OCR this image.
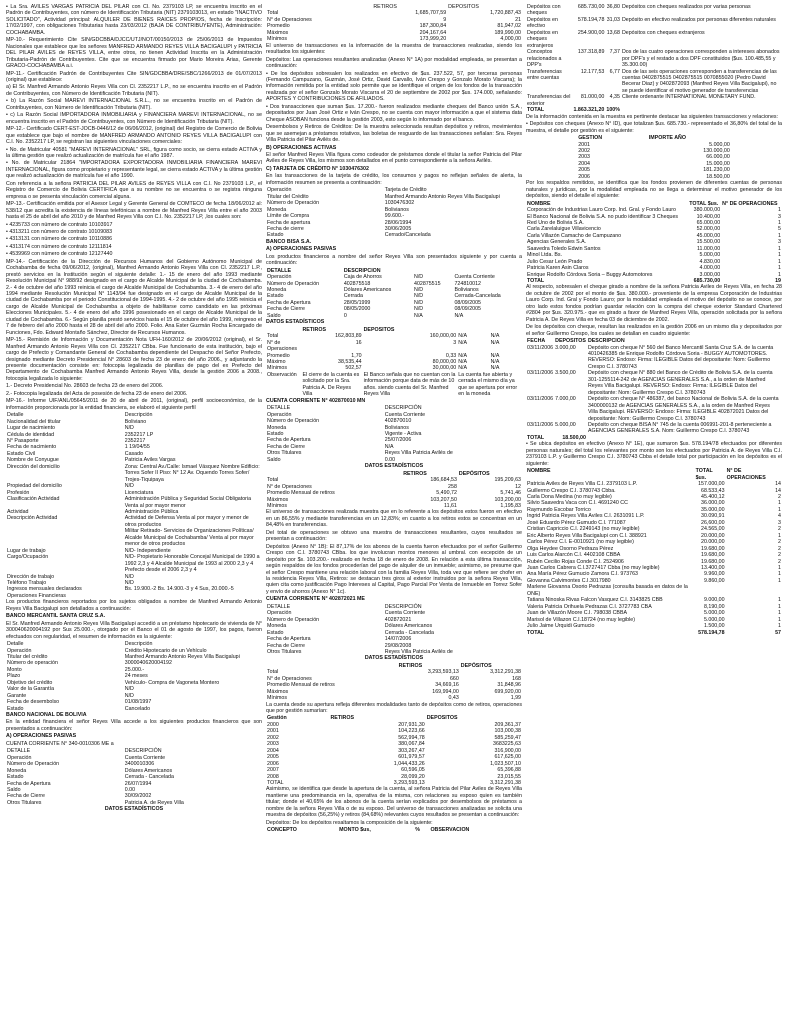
• La Sra. AVILES VARGAS PATRICIA DEL PILAR con CI. No. 2379103 LP, se encuentra inscrito en el Padrón de Contribuyentes, con número de Identificación Tributaria (NIT) 2379103013, en estado "INACTIVO SOLICITADO", Actividad principal: ALQUILER DE BIENES RAICES PROPIOS, fecha de Inscripción: 17/02/1997, con obligaciones Tributarias hasta 23/03/2012 (BAJA DE CONTRIBUYENTE), Administración: COCHABAMBA.

MP-10.- Requerimiento Cite SIN/GDCBBA/DJCC/UTJ/NOT/00150/2013 de 25/06/2013 de Impuestos Nacionales que establece que los señores MANFRED ARMANDO REYES VILLA BACIGALUPI y PATRICIA DEL PILAR AVILES de REYES VILLA, entre otros, no tienen Actividad Inscrita en la Administración Tributaria-Padrón de Contribuyentes. Cite que se encuentra firmado por Mario Moreira Arias, Gerente GRACO-COCHABAMBA a.i.

MP-11.- Certificación Padrón de Contribuyentes Cite SIN/GDCBBA/DRE/SBC/1266/2013 de 01/07/2013 (original) que establece:

a) El Sr. Manfred Armando Antonio Reyes Villa con CI. 2352217 L.P., no se encuentra inscrito en el Padrón de Contribuyentes, con Número de Identificación Tributaria (NIT).

• b) La Razón Social MAREVI INTERNACIONAL S.R.L., no se encuentra inscrito en el Padrón de Contribuyentes, con Número de Identificación Tributaria (NIT).

• c) La Razón Social IMPORTADORA INMOBILIARIA y FINANCIERA MAREVI INTERNACIONAL, no se encuentra inscrito en el Padrón de Contribuyentes, con Número de Identificación Tributaria (NIT).

MP-12.- Certificado CERT-EST-JOCB-0446/12 de 06/06/2012, (original) del Registro de Comercio de Bolivia que establece que bajo el nombre de MANFRED ARMANDO ANTONIO REYES VILLA BACIGALUPI con C.I. No. 2352217 LP, se registran las siguientes vinculaciones comerciales:

• No. de Matricular 40581 "MAREVI INTERNACIONAL" SRL, figura como socio, se cierra estado ACTIVA y la última gestión que realizó actualización de matrícula fue el año 1987.

• No. de Matricular 21864 "IMPORTADORA EXPORTADORA INMOBILIARIA FINANCIERA MAREVI INTERNACIONAL, figura como propietario y representante legal, se cierra estado ACTIVA y la última gestión que realizó actualización de matrícula fue el año 1990.

Con referencia a la señora PATRICIA DEL PILAR AVILES de REYES VILLA con C.I. No 2379103 L.P., el Registro de Comercio de Bolivia CERTIFICA que a su nombre no se encuentra o se registra ninguna empresa o se presenta vinculación comercial alguna.

MP-13.- Certificación emitida por el Asesor Legal y Gerente General de COMTECO de fecha 18/06/2012 al: 538/12 que acredita la existencia de líneas telefónicas a nombre de Manfred Reyes Villa entre el año 2003 hasta el 25 de abril del año 2010 y de Manfred Reyes Villa con C.I. No. 2352217 LP, ,los cuales son:

• 4235733 con número de contrato 10103917

• 4313211 con número de contrato 10109083

• 4313131 con número de contrato 10110886

• 4313174 con número de contrato 12111814

• 4539969 con número de contrato 12127440

MP-14.- Certificación de la Dirección de Recursos Humanos del Gobierno Autónomo Municipal de Cochabamba de fecha 09/06/2012, (original), Manfred Armando Antonio Reyes Villa con Cl. 2352217 L.P., prestó servicios en la Institución según el siguiente detalle: 1.- 15 de enero del año 1993 mediante Resolución Municipal N° 988/92 designado en el cargo de Alcalde Municipal de la ciudad de Cochabamba. 2.- 4 de octubre del año 1993 reinicia el cargo de Alcalde Municipal de Cochabamba. 3.- 4 de enero del año 1994 mediante Resolución Municipal N° 1143/94 fue designado en el cargo de Alcalde Municipal de la ciudad de Cochabamba por el periodo Constitucional de 1994-1995. 4.- 2 de octubre del año 1995 reinicia el cargo de Alcalde Municipal de Cochabamba a objeto de habilitarse como candidato en las próximas Elecciones Municipales. 5.- 4 de enero del año 1996 posesionado en el cargo de Alcalde Municipal de la ciudad de Cochabamba. 6.- Según planilla prestó servicios hasta el 15 de octubre del año 1999, reingreso el 7 de febrero del año 2000 hasta el 28 de abril del año 2000. Folio. Ana Ester Guzmán Rocha Encargado de Funciones, Fdo. Edward Montaño Sánchez, Director de Recursos Humanos.

MP-15.- Remisión de Información y Documentación Nota UFH-160/2012 de 20/06/2012 (original), el Sr. Manfred Armando Antonio Reyes Villa con CI. 2352217 CBba. Fue funcionario de esta institución, bajo el cargo de Prefecto y Comandante General de Cochabamba dependiente del Despacho del Señor Prefecto, designado mediante Decreto Presidencial N° 28603 de fecha 23 de enero del año 2006., y adjuntando la presente documentación consiste en: fotocopia legalizada de planillas de pago del ex Prefecto del Departamento de Cochabamba Manfred Armando Antonio Reyes Villa, desde la gestión 2006 a 2008., fotocopia legalizada lo siguiente:

1.- Decreto Presidencial No. 28603 de fecha 23 de enero del 2006.

2.- Fotocopia legalizada del Acta de posesión de fecha 23 de enero del 2006.

MP-16.- Informe UIF/ANL/05645/2011 de 20 de abril de 2011, (original), perfil socioeconómico, de la información proporcionada por la entidad financiera, se elaboró el siguiente perfil

Detalle	Descripción
Nacionalidad del titular	Boliviano
Lugar de nacimiento	N/D
Cédula de identidad	2352217 LP
N° Pasaporte	2352217
Fecha de nacimiento	1 19/04/55
Estado Civil	Casado
Nombre de Conyugue	Patricia Aviles Vargas
Dirección del domicilio	Zona: Central Av./Calle: Ismael Vásquez Nombre Edificio: Torres Sofer II Piso: N° 12 Av. Oquendo Torres Sofer/ Trojes-Tiquipaya
Propiedad del domicilio	N/D
Profesión	Licenciatura
Clasificación Actividad	Administración Pública y Seguridad Social Obligatoria Venta al por mayor menor
Actividad	Administración Pública
Descripción Actividad	Actividad de Defensa Venta al por mayor y menor de otros productos
	Militar Retirado- Servicios de Organizaciones Políticas/ Alcalde Municipal de Cochabamba/ Venta al por mayor menor de otros productos
Lugar de trabajo	N/D- Independiente
Cargo/Ocupación	N/D- Propietario Honorable Concejal Municipal de 1990 a 1992 2,3 y 4 Alcalde Municipal de 1993 al 2000 2,3 y 4 Prefecto desde el 2006 2,3 y 4
Dirección de trabajo	N/D
Teléfono Trabajo	N/D
Ingresos mensuales declarados	Bs. 19.900.-2 Bs. 14.900.-3 y 4 Sus, 20.000.-5
Operaciones Financieras	

Los productos financieros reportados por los sujetos obligados a nombre de Manfred Armando Antonio Reyes Villa Bacigalupi son detallados a continuación:

BANCO MERCANTIL SANTA CRUZ S.A.

El Sr. Manfred Armando Antonio Reyes Villa Bacigalupi accedió a un préstamo hipotecario de vivienda de N° 300040620004192 por Sus 25.000.-, otorgado por el Banco el 01 de agosto de 1997, los pagos, fueron efectuados con regularidad, el resumen de información es la siguiente:

Detalle	Descripción
Operación	Crédito Hipotecario de un Vehículo
Titular del crédito	Manfred Armando Antonio Reyes Villa Bacigalupi
Número de operación	3000040620004192
Monto	25.000.-
Plazo	24 meses
Objetivo del crédito	Vehículo- Compra de Vagoneta Montero
Valor de la Garantía	N/D
Garante	N/D
Fecha de desembolso	01/08/1997
Estado	Cancelado

BANCO NACIONAL DE BOLIVIA

En la entidad financiera el señor Reyes Villa accede a los siguientes productos financieros que son presentados a continuación:

A) OPERACIONES PASIVAS

CUENTA CORRIENTE N° 340-0010306 ME a

DETALLE	DESCRIPCIÓN
Operación	Cuenta Corriente
Número de Operación	3400010306
Moneda	Dólares Americanos
Estado	Cerrada - Cancelada
Fecha de Apertura	26/07/1994
Saldo	0.00
Fecha de Cierre	30/09/2002
Otros Titulares	Patricia A. de Reyes Villa

DATOS ESTADÍSTICOS

	RETIROS	DEPOSITOS
Total	1,685,707,59	1,720,887,43
N° de Operaciones	9	21
Promedio	187,300,84	81,947,02
Máximos	204,167,64	189,990,00
Mínimos	173,999,20	4,000,00

El universo de transacciones es la información de la muestra de transacciones realizadas, siendo los resultados los siguientes:

Depósitos: Las operaciones resultantes analizadas (Anexo N° 1A) por modalidad empleada, se presentan a continuación:

• De los depósitos sobresalen los realizados en efectivo de $us. 237.522, 57, por terceras personas (Femando Campuzano, Guzmán, José Ortiz, David Carvallo, Iván Crespo y Gonzalo Morato Viscarra); la información remitida por la entidad solo permite que se identifique el origen de los fondos de la transacción realizada por el señor Gonzalo Morato Viscarra el 20 de septiembre de 2002 por $us. 174.000, señalando: APORTES Y CONTRIBUCIONES DE AFILIADOS.

• Dos transacciones que suman $us. 17.200.- fueron realizados mediante cheques del Banco unión S.A., depositados por Juan José Ortiz e Iván Crespo, no se cuenta con mayor información a que el sistema data Cheque ASOBAN funciona desde la gestión 2003, esto según lo informado por el banco.

Desembolsos y Retiros de Créditos: De la muestra seleccionada resultan depósitos y retiros, movimientos que se asemejan a préstamos rotativos, las boletas de resguardo de las transacciones señalan: Sra. Reyes Villa Patricia del Pilar Avilés de.

B) OPERACIONES ACTIVAS

El señor Manfred Reyes Villa figura como codeudor de préstamos donde el titular la señor Patricia del Pilar Aviles de Reyes Villa, los mismos son detallados en el punto correspondiente a la señora Avilés.

C) TARJETA DE CRÉDITO N° 1030476302

En las transacciones de la tarjeta de crédito, los consumos y pagos no reflejan señales de alerta, la información resumen se presenta a continuación:

Operación	Tarjeta de Crédito
Titular del Crédito	Manfred Armando Antonio Reyes Villa Bacigalupi
Número de Operación	1030476302
Moneda	Bolivianos
Límite de Compra	99.600.-
Fecha de apertura	28/06/1994
Fecha de cierre	30/06/2005
Estado	Cerrado/Cancelada

BANCO BISA S.A.

A) OPERACIONES PASIVAS

Los productos financieros a nombre del señor Reyes Villa son presentados siguiente y por cuenta a continuación:

DETALLE	DESCRIPCION		
Operación	Caja de Ahorros	N/D	Cuenta Corriente
Número de Operación	402875518	402875515	724810012
Moneda	Dólares Americanos	N/D	Bolivianos
Estado	Cerrada	N/D	Cerrada-Cancelada
Fecha de Apertura	28/05/1999	N/D	08/09/2005
Fecha de Cierre	08/05/2000	N/D	08/09/2005
Saldo	0	N/A	N/A

DATOS ESTADÍSTICOS

	RETIROS	DEPOSITOS		
Total	162,803,89	160,000,00	N/A	N/A
N° de Operaciones	16	3	N/A	N/A
Promedio	1,70	0,33	N/A	N/A
Máximo	38,535,44	80,000,00	N/A	N/A
Mínimos	502,57	30,000,00	N/A	N/A
Observación	El cierre de la cuenta es solicitado por la Sra. Patricia A. De Reyes Villa	El Banco señala que no cuentan con la información porque data de más de 10 años. siendo cuenta del Sr. Manfred Reyes Villa	La cuenta fue abierta y cerrada el mismo día ya que se apertura por error en la moneda	

CUENTA CORRIENTE N° 402870010 MN

DETALLE	DESCRIPCIÓN
Operación	Cuenta Corriente
Número de Operación	402870010
Moneda	Bolivianos
Estado	Vigente - Activa
Fecha de Apertura	25/07/2006
Fecha de Cierre	N/A
Otros Titulares	Reyes Villa Patricia Avilés de
Saldo	0.00

DATOS ESTADÍSTICOS

	RETIROS	DEPÓSITOS
Total	186,684,53	195,209,63
N° de Operaciones	258	12
Promedio Mensual de retiros	5,490,72	5,741,46
Máximos	103,207,50	103,200,00
Mínimos	11,61	1,195,83

El universo de transacciones realizada muestra que en lo referente a los depósitos estos fueron en efectivo en un 86,55% y mediante transferencias en un 12,83%; en cuanto a los retiros estos se concentran en un 84,48% en transferencias.

Del total de operaciones se obtuvo una muestra de transacciones resultantes, cuyos resultados se presentan a continuación:

Depósitos (Anexo N° 1B): El 87,17% de los abonos de la cuenta fueron efectuados por el señor Guillermo Crespo con C.I. 3780743 CBba. los que involucran montos menores al umbral. con excepción de un depósito por $s. 103.200.- realizado en fecha 18 de enero de 2008. En relación a esta última transacción, según respaldos de los fondos procederían del pago de alquiler de un inmueble; asimismo, se presume que el señor Crespo mantiene una relación laboral con la familia Reyes Villa, toda vez que refiere ser chofer en la residencia Reyes Villa, Retiros: se destacan tres giros al exterior instruidos por la señora Reyes Villa, quien cita como justificación Pago Intereses al Capital, Pago Parcial Por Venta de Inmueble en Torrez Sofer y envío de ahorros (Anexo N° 1c).

CUENTA CORRIENTE N° 402872021 ME

DETALLE	DESCRIPCIÓN
Operación	Cuenta Corriente
Número de Operación	402872021
Moneda	Dólares Americanos
Estado	Cerrada - Cancelada
Fecha de Apertura	14/07/2006
Fecha de Cierre	29/08/2008
Otros Titulares	Reyes Villa Patricia Avilés de

DATOS ESTADÍSTICOS

	RETIROS	DEPÓSITOS
Total	3,293,593,13	3,312,291,38
N° de Operaciones	660	168
Promedio Mensual de retiros	34,669,16	31,848,96
Máximos	169,994,00	699,920,00
Mínimos	0,43	1,99

La cuenta desde su apertura refleja diferentes modalidades tanto de depósitos como de retiros, operaciones que por gestión sumarían:

Gestión	RETIROS	DEPOSITOS
2000	207,931,30	209,361,37
2001	104,223,66	103,000,38
2002	562,994,78	585,259,47
2003	380,067,84	3683225,63
2004	303,267,47	316,900,00
2005	601,979,57	617,625,00
2006	1,044,433,26	1,023,507,10
2007	60,596,05	65,396,88
2008	28,099,20	23,015,55
TOTAL	3,293,593,13	3,312,291,38

Asimismo, se identifica que desde la apertura de la cuenta, al señora Patricia del Pilar Aviles de Reyes Villa mantiene una predominancia en la, operativa de la misma, con relaciones su esposo quien es también titular; donde el 40,65% de los abonos de la cuenta serían explicados por desembolsos de préstamos a nombre de la señora Reyes Villa o de su esposo. Del universo de transacciones analizadas se solicita una muestra de depósitos (56,25%) y retiros (84,68%) relevantes cuyos resultados se presentan a continuación:

Depósitos: De los depósitos resaltamos la composición de la siguiente:

CONCEPTO	MONTO $us,	%	OBSERVACION
Depósitos con cheques	685.730,00	36,80	Depósitos con cheques realizados por varias personas
Depósitos en efectivo	578.194,78	31,03	Depósito en efectivo realizados por personas diferentes naturales
Depósitos en cheques extranjeros	254.900,00	13,68	Depósitos con cheques extranjeros
Conceptos relacionados a DPP's	137.318,89	7,37	Dos de las cuatro operaciones corresponden a intereses abonados por DPF's y el restado a dos DPF constituidos ($us. 100.485,55 y 35.300.00)
Transferencias entre cuentas	12.177,53	6,77	Dos de las seis operaciones corresponden a transferencias de las cuentas 0402875515 0402875515 0070855020 (Pedro David Becerar Diaz) y 0402872093 (Manfred Reyes Villa Bacigalupi), no se puede identificar el motivo generador de transferencias
Transferencias del exterior	81.000,00	4,35	Cliente ordenante INTERNATIONAL MONETARY FUND.
TOTAL	1.863.321,20	100%	

De la información contenida en la muestra es pertinente destacar las siguientes transacciones y relaciones:

• Depósitos con cheques (Anexo N° ID), que totalizan $us. 685.730.- representado el 36,80% del total de la muestra, el detalle por gestión es el siguiente:

GESTION	IMPORTE AÑO
2001	5.000,00
2002	130.000,00
2003	66.000,00
2004	15.000,00
2005	181.230,00
2006	18.500,00

Por los respaldos remitidos, se identifica que los fondos provienen de diferentes cuentas de personas naturales y jurídicas, por la modalidad empleada no se llega a determinar el motivo generador de los depósitos, siendo el detalle el siguiente:

NOMBRE	TOTAL $us.	N° DE OPERACIONES
Corporación de Industrias Lauro Corp. Ind. Gral. y Fondo Lauro	380.000,00	1
El Banco Nacional de Bolivia S.A. no pudo identificar 3 Cheques	10.400,00	3
Red Uno de Bolivia S.A.	65.000,00	1
Carla Zarelaluigue Villavicencio	52.000,00	5
Carla Villazón Camacho de Campuzano	45.000,00	1
Agencias Generales S.A.	15.500,00	3
Saavedra Toledo Edwin Santos	11.000,00	1
Minol Ltda. Bs.	5.000,00	1
Julio Cesar León Prado	4.830,00	1
Patricia Karen Asin Claros	4.000,00	1
Enrique Rodolfo Córdova Soria – Buggy Automotores	3.000,00	1
TOTAL	685.730,00	19

Al respecto, sobresalen el cheque girado a nombre de la señora Patricia Aviles de Reyes Villa, en fecha 28 de octubre de 2002 por el monto de $us. 380.000.- proveniente de la empresa Corporación de Industrias Lauro Corp. Ind. Gral y Fondo Lauro; por la modalidad empleada el motivo del depósito no se conoce, por otro lado estos fondos podrían guardar relación con la compra del cheque exterior Standard Chartered #2804 por $us. 320.975.- que es girado a favor de Manfred Reyes Villa, operación solicitada por la señora Patricia A. De Reyes Villa en fecha 03 de diciembre de 2002.

De los depósitos con cheque, resultan las realizados en la gestión 2006 en un mismo día y depositados por el señor Guillermo Crespo, los cuales se detallan en cuadro siguiente:

FECHA	DEPOSITOS	DESCRIPCION
03/11/2006	3.000,00	Depósito con cheque N° 560 del Banco Mercantil Santa Cruz S.A. de la cuenta 4010426385 de Enrique Rodolfo Córdova Soria - BUGGY AUTOMOTORES. REVERSO: Endoso: Firma: ILEGIBLE Datos del depositante: Nom: Guillermo Crespo C.I. 3780743
03/11/2006	3.500,00	Depósito con cheque N° 880 del Banco de Crédito de Bolivia S.A. de la cuenta 301-1255114-242 de AGENCIAS GENERALES S.A., a la orden de Manfred Reyes Villa Bacigalupi. REVERSO: Endoso: Firma: ILEGIBLE Datos del depositante: Nom: Guillermo Crespo C.I. 3780743
03/11/2006	7.000,00	Depósito con cheque N° 486387, del banco Nacional de Bolivia S.A. de la cuenta 3400000132 de AGENCIAS GENERALES S.A., a la orden de Manfred Reyes Villa Bacigalupi. REVERSO: Endoso: Firma: ILEGIBLE 402872021 Datos del depositante: Nom: Guillermo Crespo C.I. 3780743
03/11/2006	5.000,00	Depósito con cheque BISA N° 745 de la cuenta 006991-201-8 perteneciente a AGENCIAS GENERALES S.A. Nom: Guillermo Crespo C.I. 3780743
TOTAL	18.500,00	

• Se ubica depósitos en efectivo (Anexo N° 1E), que sumaron $us. 578.194/78 efectuados por diferentes personas naturales; del total los relevantes por monto son los efectuados por Patricia A. de Reyes Villa C.I. 2379103 L.P. y Guillermo Crespo C.I. 3780743 Cbba el detalle total por participación en los depósitos es el siguiente:

NOMBRE	TOTAL $us.	N° DE OPERACIONES
Patricia Aviles de Reyes Villa C.I. 2379103 L.P.	157.000,00	14
Guillermo Crespo C.I. 3780743 Cbba.	68.533,43	14
Carla Dona Medina (no muy legible)	45.400,12	2
Silvio Saavedra Vaca con C.I. 4691240 CC	36.000,00	1
Raymundo Escobar Torrico	35.000,00	1
Ingrid Patricia Reyes Villa Aviles C.I. 2631091 L.P.	30.090,91	4
José Eduardo Pérez Gumudo C.I. 771087	26,600,00	3
Cristian Capriccio C.I. 2249143 (no muy legible)	24.565,00	2
Eric Alberto Reyes Villa Bacigalupi con C.I. 388921	20.000,00	1
Carlos Pérez C.I. E-0010921 (no muy legible)	20.000,00	2
Olga Heydee Osorno Pedraza Pérez	19.680,00	2
Luis Carlos Alarcón C.I. 4402108 CBBA	19.680,00	2
Rubén Cecilio Rojas Conde C.I. 2524906	19.680,00	2
Juan Carlos Cabrera C.I.3727417 Cbba (no muy legible)	13.400,00	1
Ana María Pérez Gumucio Zamora C.I. 973763	9.960,00	1
Giovanna Calvimontes C.I.3017980	9.860,00	1
Marlene Giovanna Osorio Pedrazas (consulta basada en datos de la ONE)		
Tatiana Ninoska Rivas Falcon Vasquez C.I. 3143825 CBB	9.000,00	1
Valeria Patricia Orihuela Pedrazas C.I. 3727783 CBA	8,190,00	1
Juan de Villazón Moore C.I. 798038 CBBA	5.000,00	1
Marisol de Villazon C.I.18724 (no muy legible)	5.000,00	1
Julio Jaime Urquidi Gumucio	1.500,00	1
TOTAL	578.194,78	57
